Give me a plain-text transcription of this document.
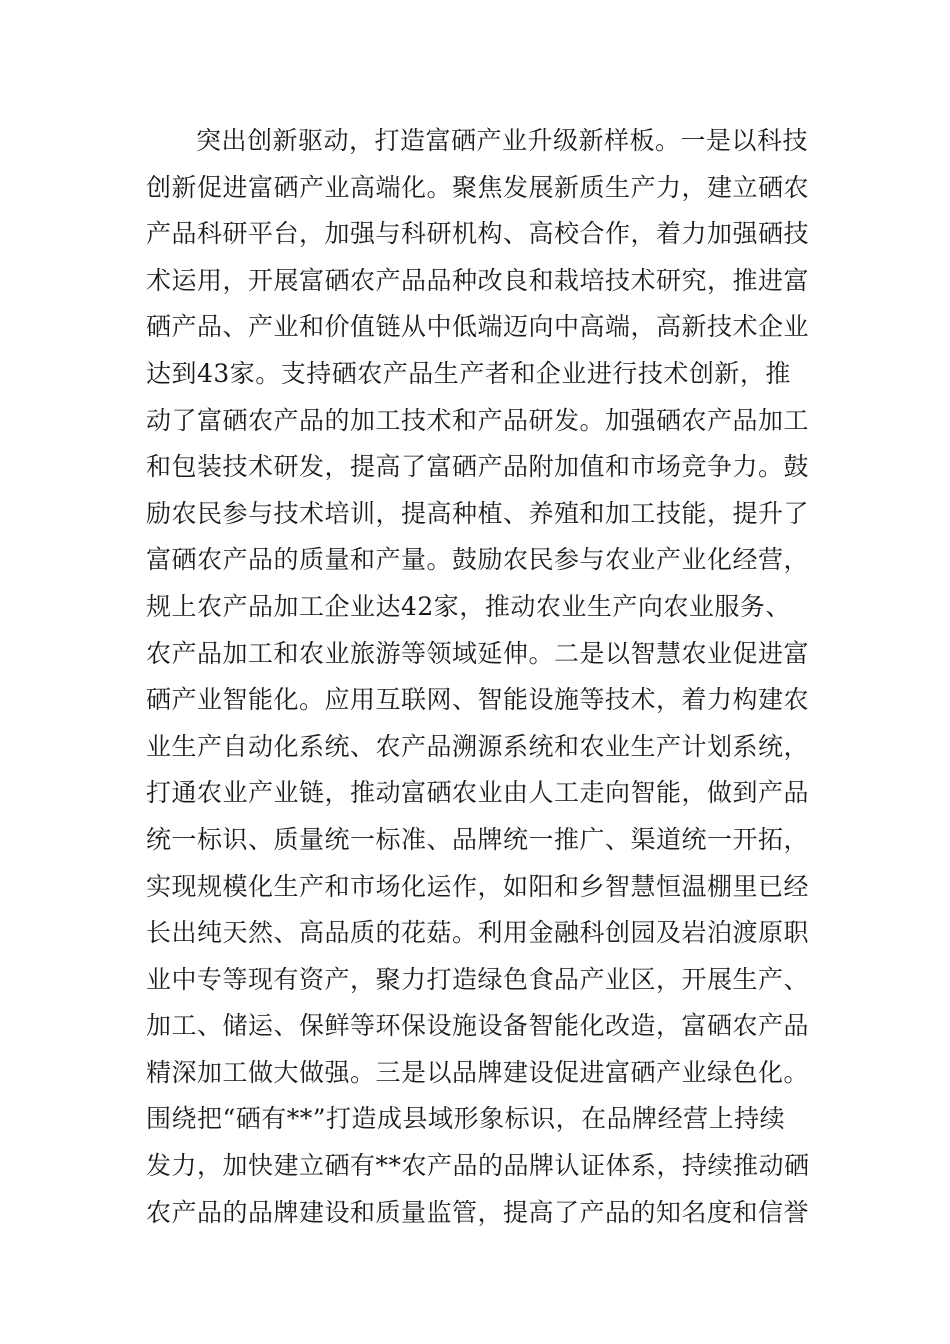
突出创新驱动，打造富硒产业升级新样板。一是以科技
创新促进富硒产业高端化。聚焦发展新质生产力，建立硒农
产品科研平台，加强与科研机构、高校合作，着力加强硒技
术运用，开展富硒农产品品种改良和栽培技术研究，推进富
硒产品、产业和价值链从中低端迈向中高端，高新技术企业
达到43家。支持硒农产品生产者和企业进行技术创新，推
动了富硒农产品的加工技术和产品研发。加强硒农产品加工
和包装技术研发，提高了富硒产品附加值和市场竞争力。鼓
励农民参与技术培训，提高种植、养殖和加工技能，提升了
富硒农产品的质量和产量。鼓励农民参与农业产业化经营，
规上农产品加工企业达42家，推动农业生产向农业服务、
农产品加工和农业旅游等领域延伸。二是以智慧农业促进富
硒产业智能化。应用互联网、智能设施等技术，着力构建农
业生产自动化系统、农产品溯源系统和农业生产计划系统，
打通农业产业链，推动富硒农业由人工走向智能，做到产品
统一标识、质量统一标准、品牌统一推广、渠道统一开拓，
实现规模化生产和市场化运作，如阳和乡智慧恒温棚里已经
长出纯天然、高品质的花菇。利用金融科创园及岩泊渡原职
业中专等现有资产，聚力打造绿色食品产业区，开展生产、
加工、储运、保鲜等环保设施设备智能化改造，富硒农产品
精深加工做大做强。三是以品牌建设促进富硒产业绿色化。
围绕把“硒有**”打造成县域形象标识，在品牌经营上持续
发力，加快建立硒有**农产品的品牌认证体系，持续推动硒
农产品的品牌建设和质量监管，提高了产品的知名度和信誉
